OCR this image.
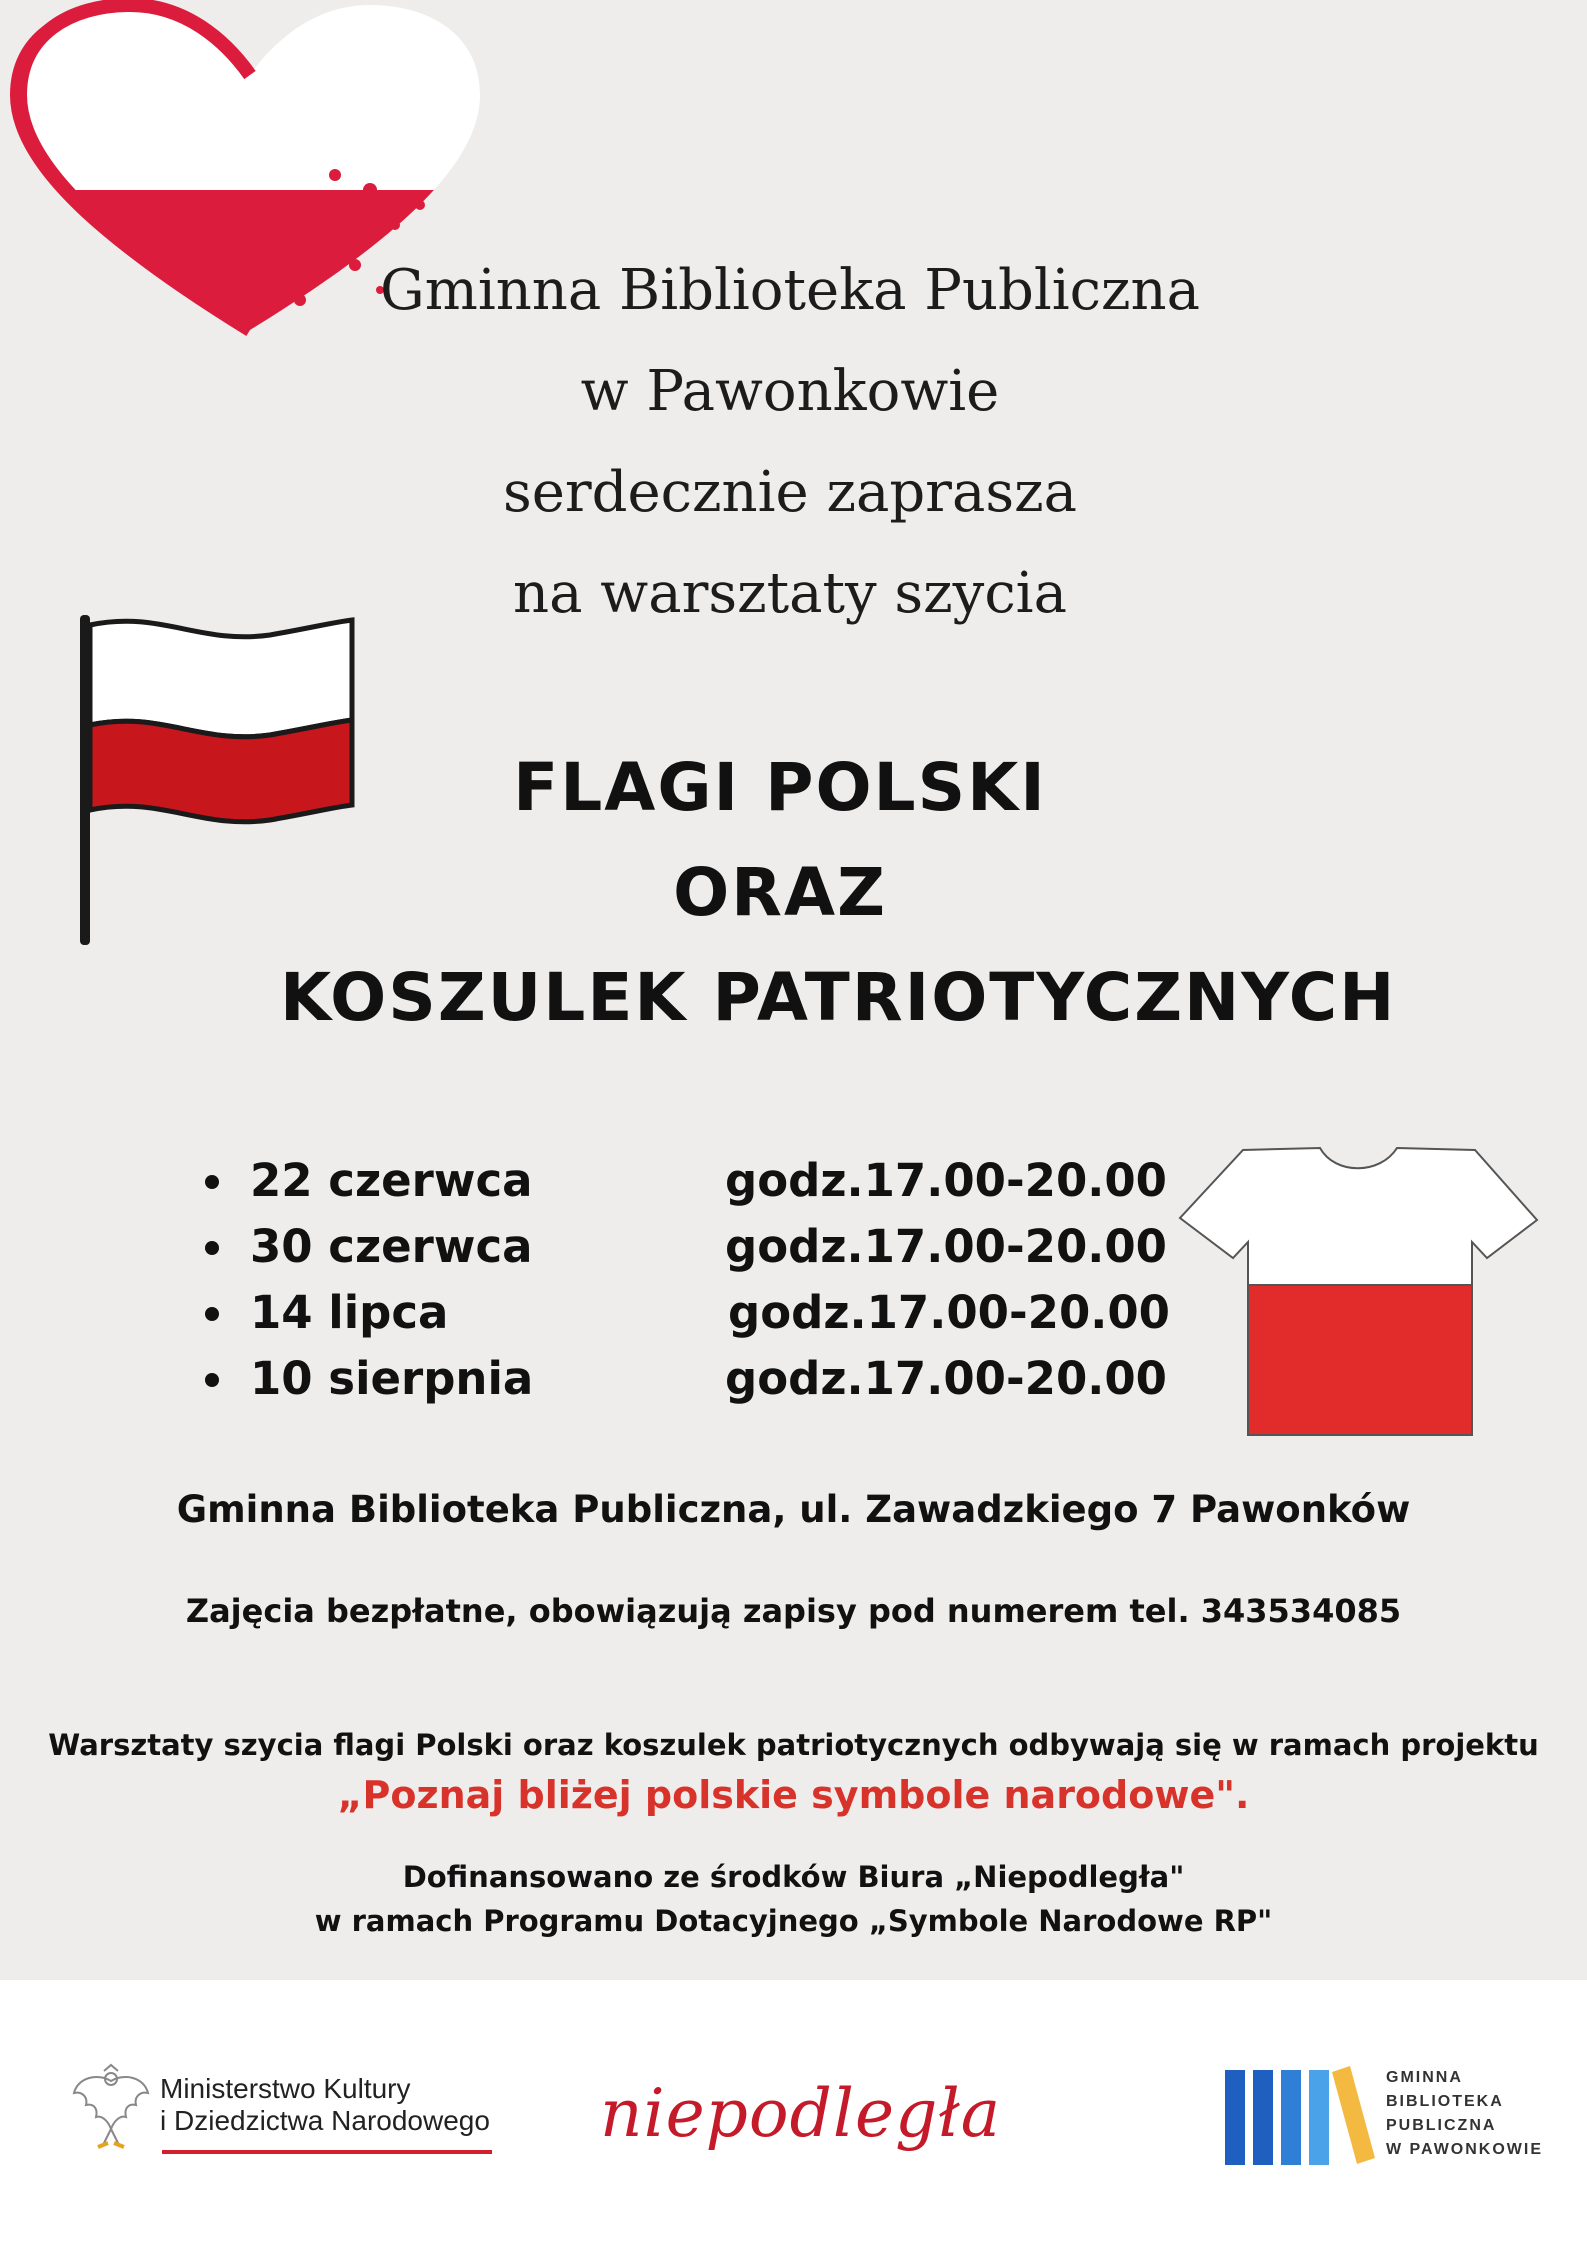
Gminna Biblioteka Publiczna
w Pawonkowie
serdecznie zaprasza
na warsztaty szycia
FLAGI POLSKI
ORAZ
KOSZULEK PATRIOTYCZNYCH
22 czerwca	godz.17.00-20.00
30 czerwca	godz.17.00-20.00
14 lipca	godz.17.00-20.00
10 sierpnia	godz.17.00-20.00
Gminna Biblioteka Publiczna, ul. Zawadzkiego 7 Pawonków
Zajęcia bezpłatne, obowiązują zapisy pod numerem tel. 343534085
Warsztaty szycia flagi Polski oraz koszulek patriotycznych odbywają się w ramach projektu
„Poznaj bliżej polskie symbole narodowe".
Dofinansowano ze środków Biura „Niepodległa"
w ramach Programu Dotacyjnego „Symbole Narodowe RP"
Ministerstwo Kultury
i Dziedzictwa Narodowego niepodległa	GMINNA
BIBLIOTEKA
PUBLICZNA
W PAWONKOWIE
